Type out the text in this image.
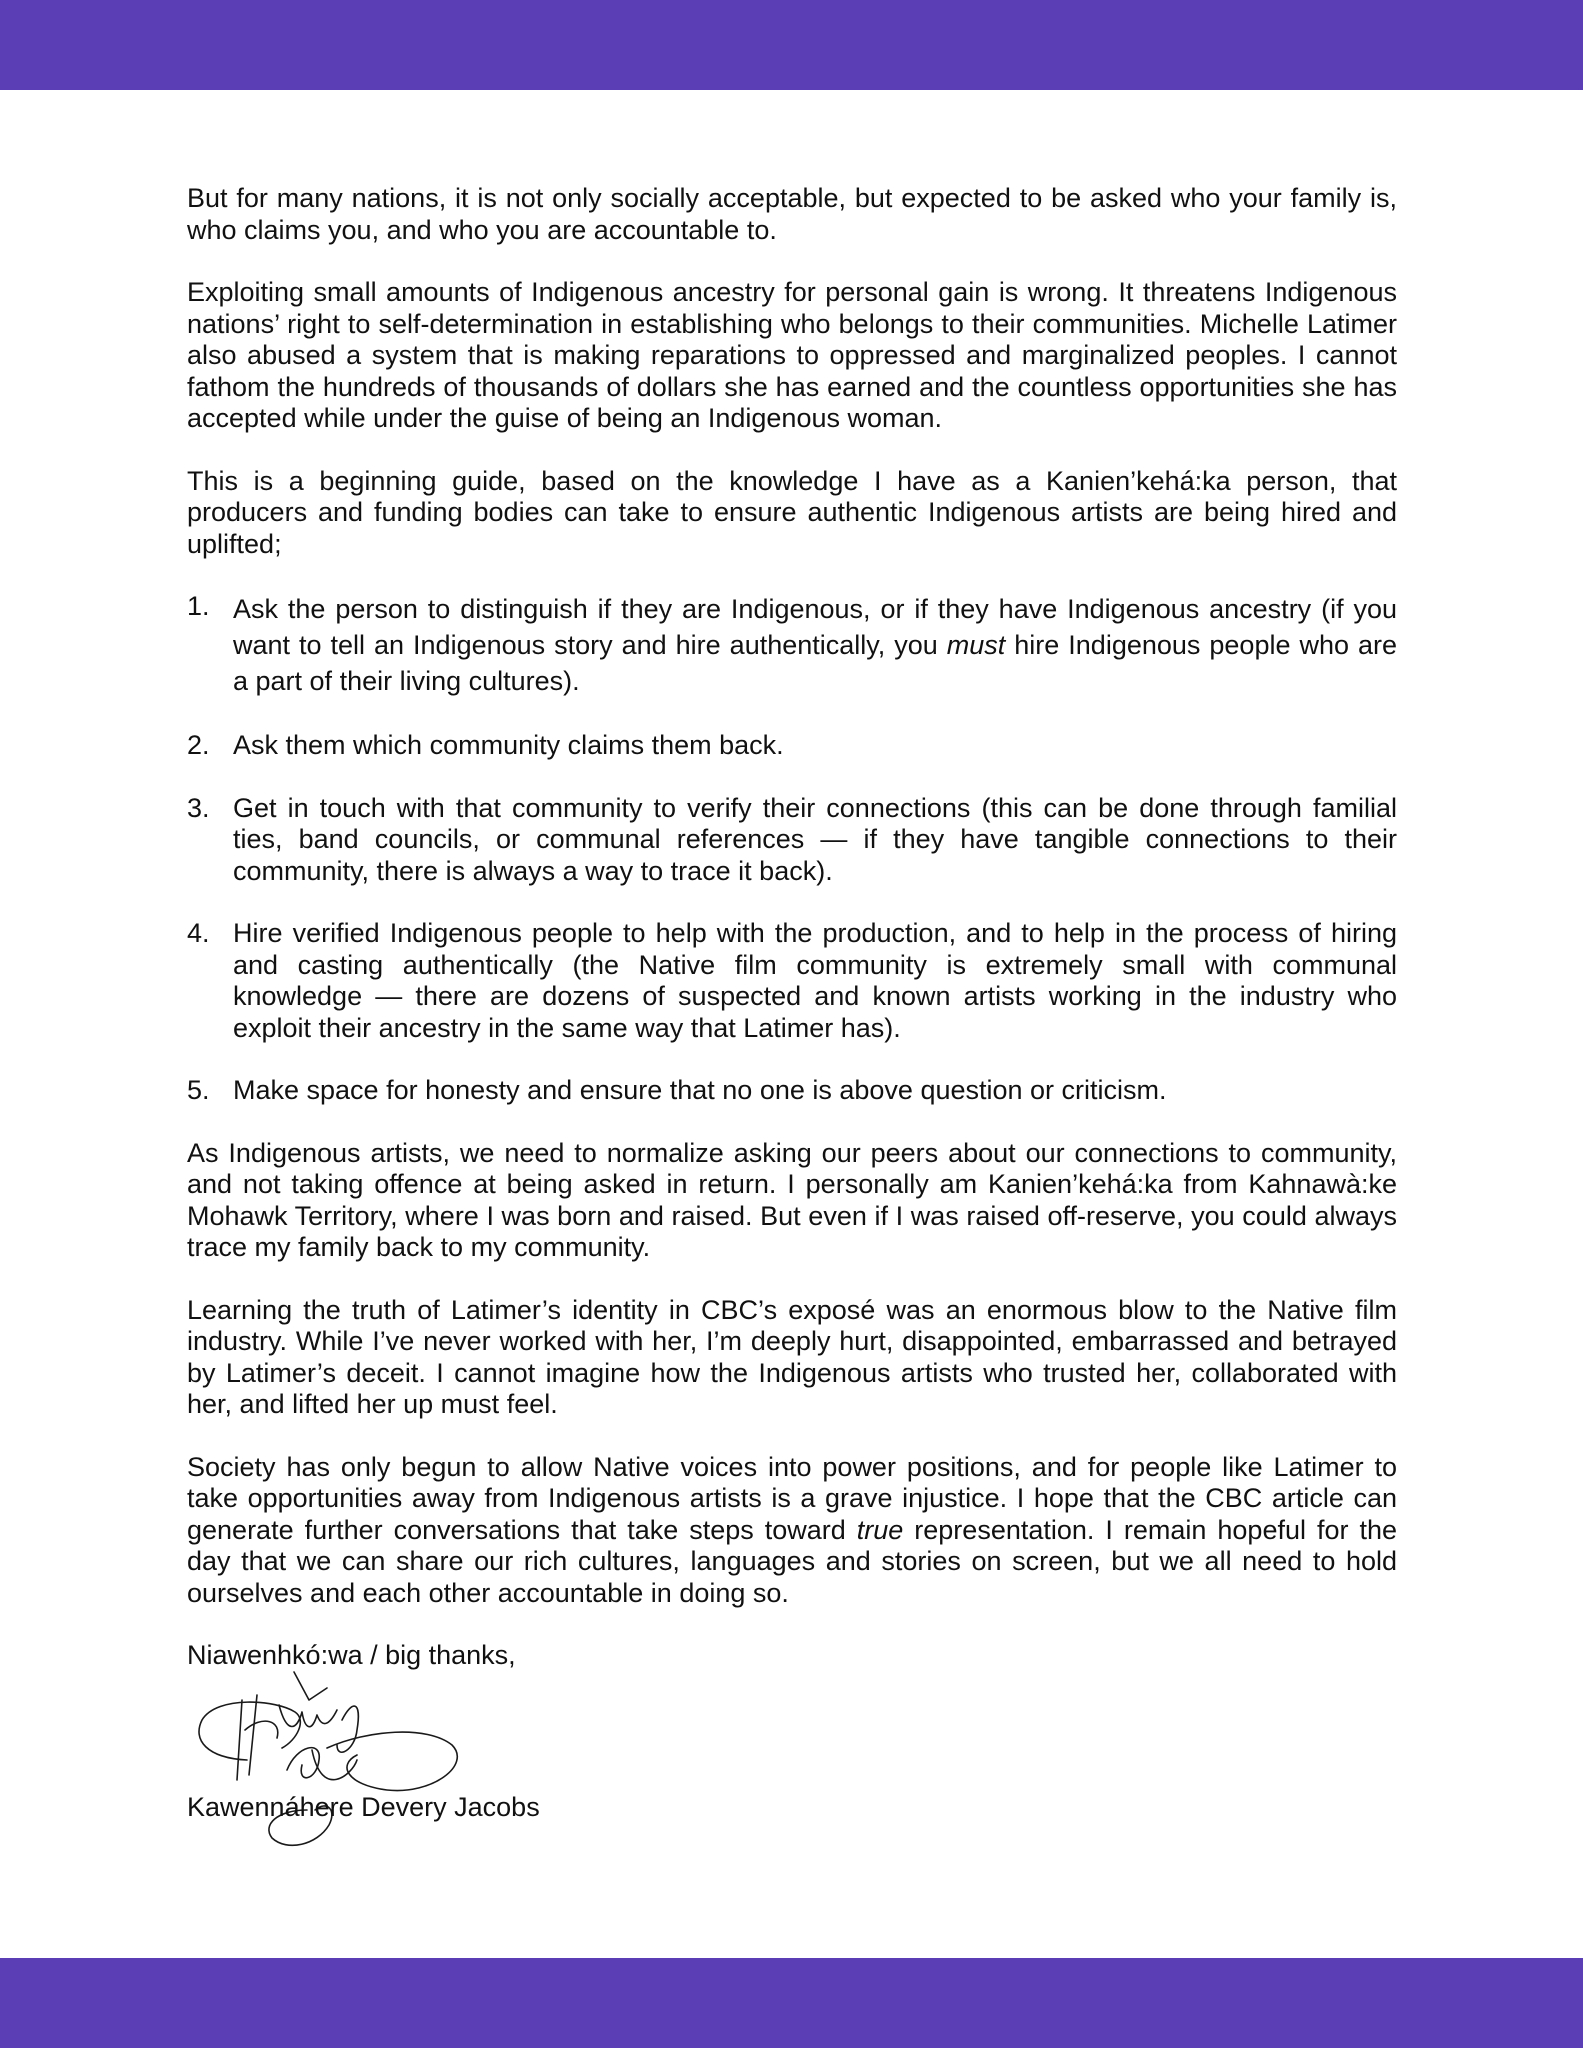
But for many nations, it is not only socially acceptable, but expected to be asked who your family is, who claims you, and who you are accountable to.

Exploiting small amounts of Indigenous ancestry for personal gain is wrong. It threatens Indigenous nations’ right to self-determination in establishing who belongs to their communities. Michelle Latimer also abused a system that is making reparations to oppressed and marginalized peoples. I cannot fathom the hundreds of thousands of dollars she has earned and the countless opportunities she has accepted while under the guise of being an Indigenous woman.

This is a beginning guide, based on the knowledge I have as a Kanien’kehá:ka person, that producers and funding bodies can take to ensure authentic Indigenous artists are being hired and uplifted;

1. Ask the person to distinguish if they are Indigenous, or if they have Indigenous ancestry (if you want to tell an Indigenous story and hire authentically, you must hire Indigenous people who are a part of their living cultures).
2. Ask them which community claims them back.
3. Get in touch with that community to verify their connections (this can be done through familial ties, band councils, or communal references — if they have tangible connections to their community, there is always a way to trace it back).
4. Hire verified Indigenous people to help with the production, and to help in the process of hiring and casting authentically (the Native film community is extremely small with communal knowledge — there are dozens of suspected and known artists working in the industry who exploit their ancestry in the same way that Latimer has).
5. Make space for honesty and ensure that no one is above question or criticism.

As Indigenous artists, we need to normalize asking our peers about our connections to community, and not taking offence at being asked in return. I personally am Kanien’kehá:ka from Kahnawà:ke Mohawk Territory, where I was born and raised. But even if I was raised off-reserve, you could always trace my family back to my community.

Learning the truth of Latimer’s identity in CBC’s exposé was an enormous blow to the Native film industry. While I’ve never worked with her, I’m deeply hurt, disappointed, embarrassed and betrayed by Latimer’s deceit. I cannot imagine how the Indigenous artists who trusted her, collaborated with her, and lifted her up must feel.

Society has only begun to allow Native voices into power positions, and for people like Latimer to take opportunities away from Indigenous artists is a grave injustice. I hope that the CBC article can generate further conversations that take steps toward true representation. I remain hopeful for the day that we can share our rich cultures, languages and stories on screen, but we all need to hold ourselves and each other accountable in doing so.

Niawenhkó:wa / big thanks,

Kawennáhere Devery Jacobs
